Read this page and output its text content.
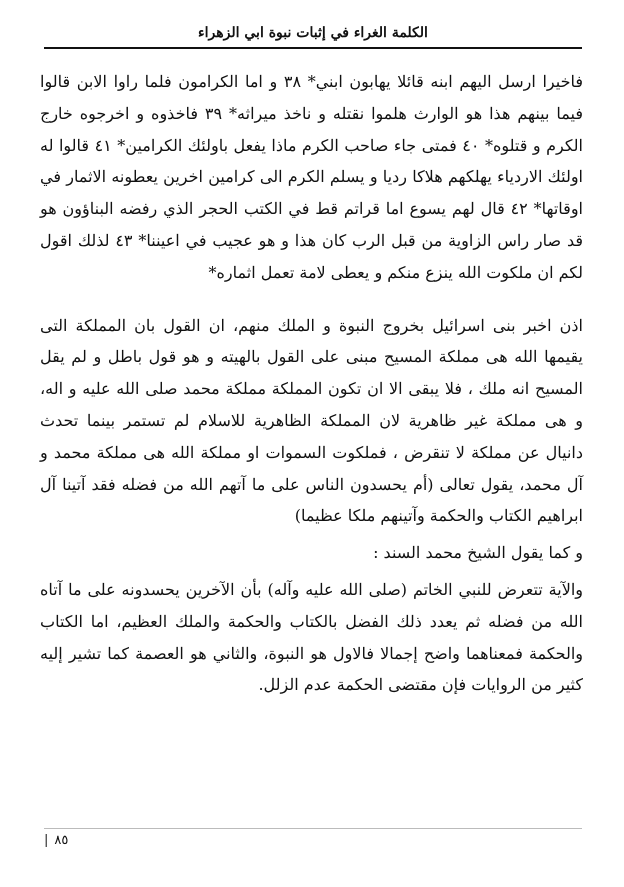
الكلمة الغراء في إثبات نبوة ابي الزهراء

فاخيرا ارسل اليهم ابنه قائلا يهابون ابني* ٣٨ و اما الكرامون فلما راوا الابن قالوا فيما بينهم هذا هو الوارث هلموا نقتله و ناخذ ميراثه* ٣٩ فاخذوه و اخرجوه خارج الكرم و قتلوه* ٤٠ فمتى جاء صاحب الكرم ماذا يفعل باولئك الكرامين* ٤١ قالوا له اولئك الارديا‌ء يهلكهم هلاكا رديا و يسلم الكرم الى كرامين اخرين يعطونه الاثمار في اوقاتها* ٤٢ قال لهم يسوع اما قراتم قط في الكتب الحجر الذي رفضه البناؤون هو قد صار راس الزاوية من قبل الرب كان هذا و هو عجيب في اعيننا* ٤٣ لذلك اقول لكم ان ملكوت الله ينزع منكم و يعطى لامة تعمل اثماره*

اذن اخبر بنى اسرائيل بخروج النبوة و الملك منهم، ان القول بان المملكة التى يقيمها الله هى مملكة المسيح مبنى على القول بالهيته و هو قول باطل و لم يقل المسيح انه ملك ، فلا يبقى الا ان تكون المملكة مملكة محمد صلى الله عليه و اله، و هى مملكة غير ظاهرية لان المملكة الظاهرية للاسلام لم تستمر بينما تحدث دانيال عن مملكة لا تنقرض ، فملكوت السموات او مملكة الله هى مملكة محمد و آل محمد، يقول تعالى (أم يحسدون الناس على ما آتهم الله من فضله فقد آتينا آل ابراهيم الكتاب والحكمة وآتينهم ملكا عظيما)

و كما يقول الشيخ محمد السند :

والآية تتعرض للنبي الخاتم (صلى الله عليه وآله) بأن الآخرين يحسدونه على ما آتاه الله من فضله ثم يعدد ذلك الفضل بالكتاب والحكمة والملك العظيم، اما الكتاب والحكمة فمعناهما واضح إجمالا فالاول هو النبوة، والثاني هو العصمة كما تشير إليه كثير من الروايات فإن مقتضى الحكمة عدم الزلل.

٨٥|
